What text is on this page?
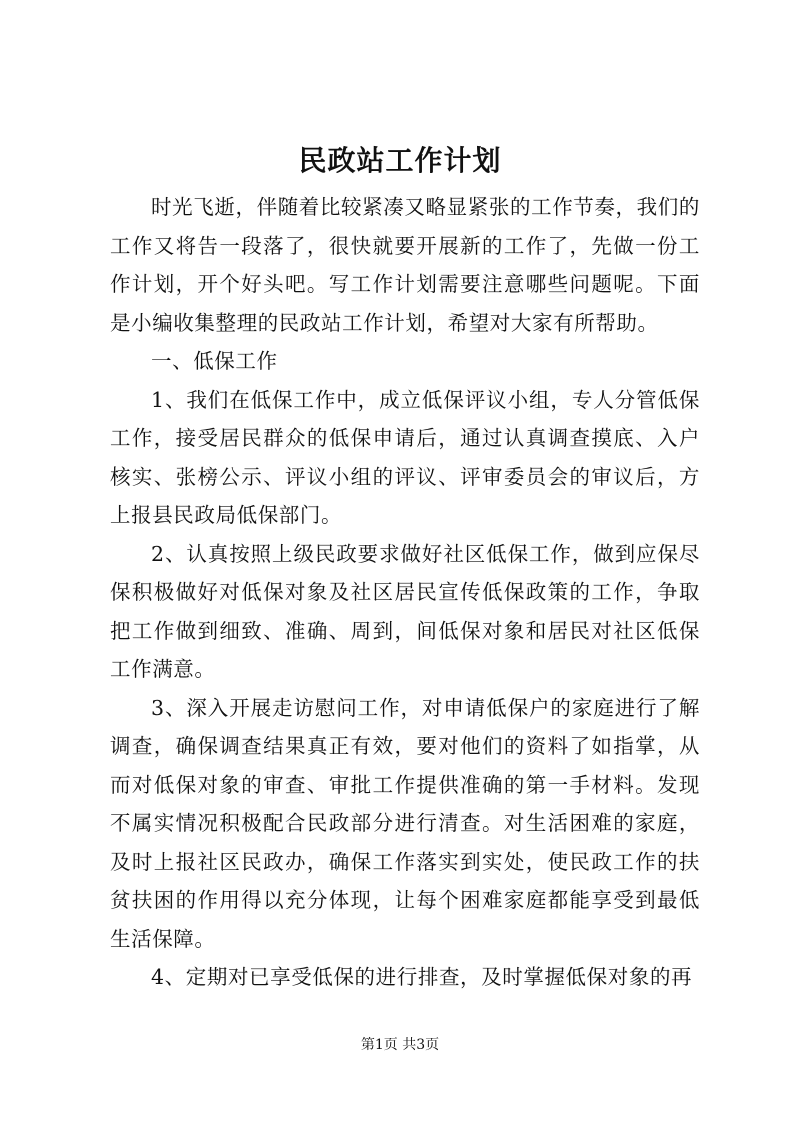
民政站工作计划

时光飞逝，伴随着比较紧凑又略显紧张的工作节奏，我们的工作又将告一段落了，很快就要开展新的工作了，先做一份工作计划，开个好头吧。写工作计划需要注意哪些问题呢。下面是小编收集整理的民政站工作计划，希望对大家有所帮助。

一、低保工作

1、我们在低保工作中，成立低保评议小组，专人分管低保工作，接受居民群众的低保申请后，通过认真调查摸底、入户核实、张榜公示、评议小组的评议、评审委员会的审议后，方上报县民政局低保部门。

2、认真按照上级民政要求做好社区低保工作，做到应保尽保积极做好对低保对象及社区居民宣传低保政策的工作，争取把工作做到细致、准确、周到，间低保对象和居民对社区低保工作满意。

3、深入开展走访慰问工作，对申请低保户的家庭进行了解调查，确保调查结果真正有效，要对他们的资料了如指掌，从而对低保对象的审查、审批工作提供准确的第一手材料。发现不属实情况积极配合民政部分进行清查。对生活困难的家庭，及时上报社区民政办，确保工作落实到实处，使民政工作的扶贫扶困的作用得以充分体现，让每个困难家庭都能享受到最低生活保障。

4、定期对已享受低保的进行排查，及时掌握低保对象的再

第1页 共3页
